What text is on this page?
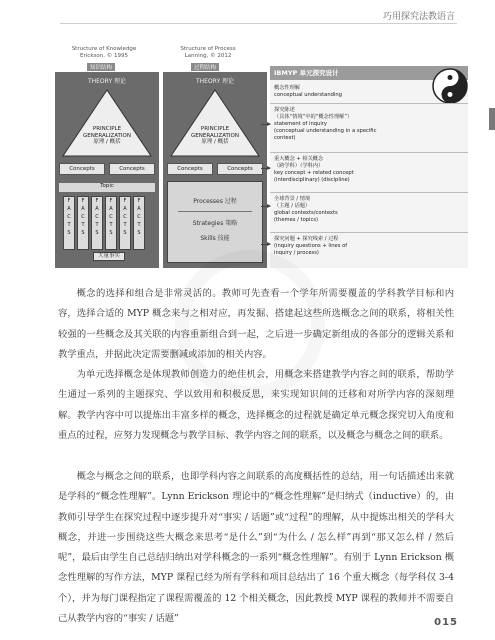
巧用探究法教语言
Structure of Knowledge
Erickson, © 1995
知识结构
Structure of Process
Lanning, © 2012
过程结构
THEORY 理论
PRINCIPLE
GENERALIZATION
原理 / 概括
Concepts	Concepts
Topic
大量事实
THEORY 理论
PRINCIPLE
GENERALIZATION
原理 / 概括
Concepts	Concepts
Processes 过程
Strategies 策略
Skills 技能
IBMYP 单元探究设计
概念性理解
conceptual understanding
探究陈述
（具体“情境”中的“概念性理解”）
statement of inquiry
(conceptual understanding in a specific
context)
重大概念 + 相关概念
（跨学科）（学科内）
key concept + related concept
(interdisciplinary) (discipline)
全球背景 / 情境
（主题 / 话题）
global contexts/contexts
(themes / topics)
探究问题 + 探究线索 / 过程
(inquiry questions + lines of
inquiry / process)
F
A
C
T
S
F
A
C
T
S
F
A
C
T
S
F
A
C
T
S
F
A
C
T
S
F
A
C
T
S
概念的选择和组合是非常灵活的。教师可先查看一个学年所需要覆盖的学科教学目标和内容，选择合适的 MYP 概念来与之相对应，再发掘、搭建起这些所选概念之间的联系，将相关性较强的一些概念及其关联的内容重新组合到一起，之后进一步确定新组成的各部分的逻辑关系和教学重点，并据此决定需要删减或添加的相关内容。
为单元选择概念是体现教师创造力的绝佳机会，用概念来搭建教学内容之间的联系，帮助学生通过一系列的主题探究、学以致用和积极反思，来实现知识间的迁移和对所学内容的深刻理解。教学内容中可以提炼出丰富多样的概念，选择概念的过程就是确定单元概念探究切入角度和重点的过程，应努力发现概念与教学目标、教学内容之间的联系，以及概念与概念之间的联系。
概念与概念之间的联系，也即学科内容之间联系的高度概括性的总结，用一句话描述出来就是学科的“概念性理解”。Lynn Erickson 理论中的“概念性理解”是归纳式（inductive）的，由教师引导学生在探究过程中逐步提升对“事实 / 话题”或“过程”的理解，从中提炼出相关的学科大概念，并进一步围绕这些大概念来思考“是什么”到“为什么 / 怎么样”再到“那又怎么样 / 然后呢”，最后由学生自己总结归纳出对学科概念的一系列“概念性理解”。有别于 Lynn Erickson 概念性理解的写作方法，MYP 课程已经为所有学科和项目总结出了 16 个重大概念（每学科仅 3-4 个），并为每门课程指定了课程需覆盖的 12 个相关概念，因此教授 MYP 课程的教师并不需要自己从教学内容的“事实 / 话题”	015
